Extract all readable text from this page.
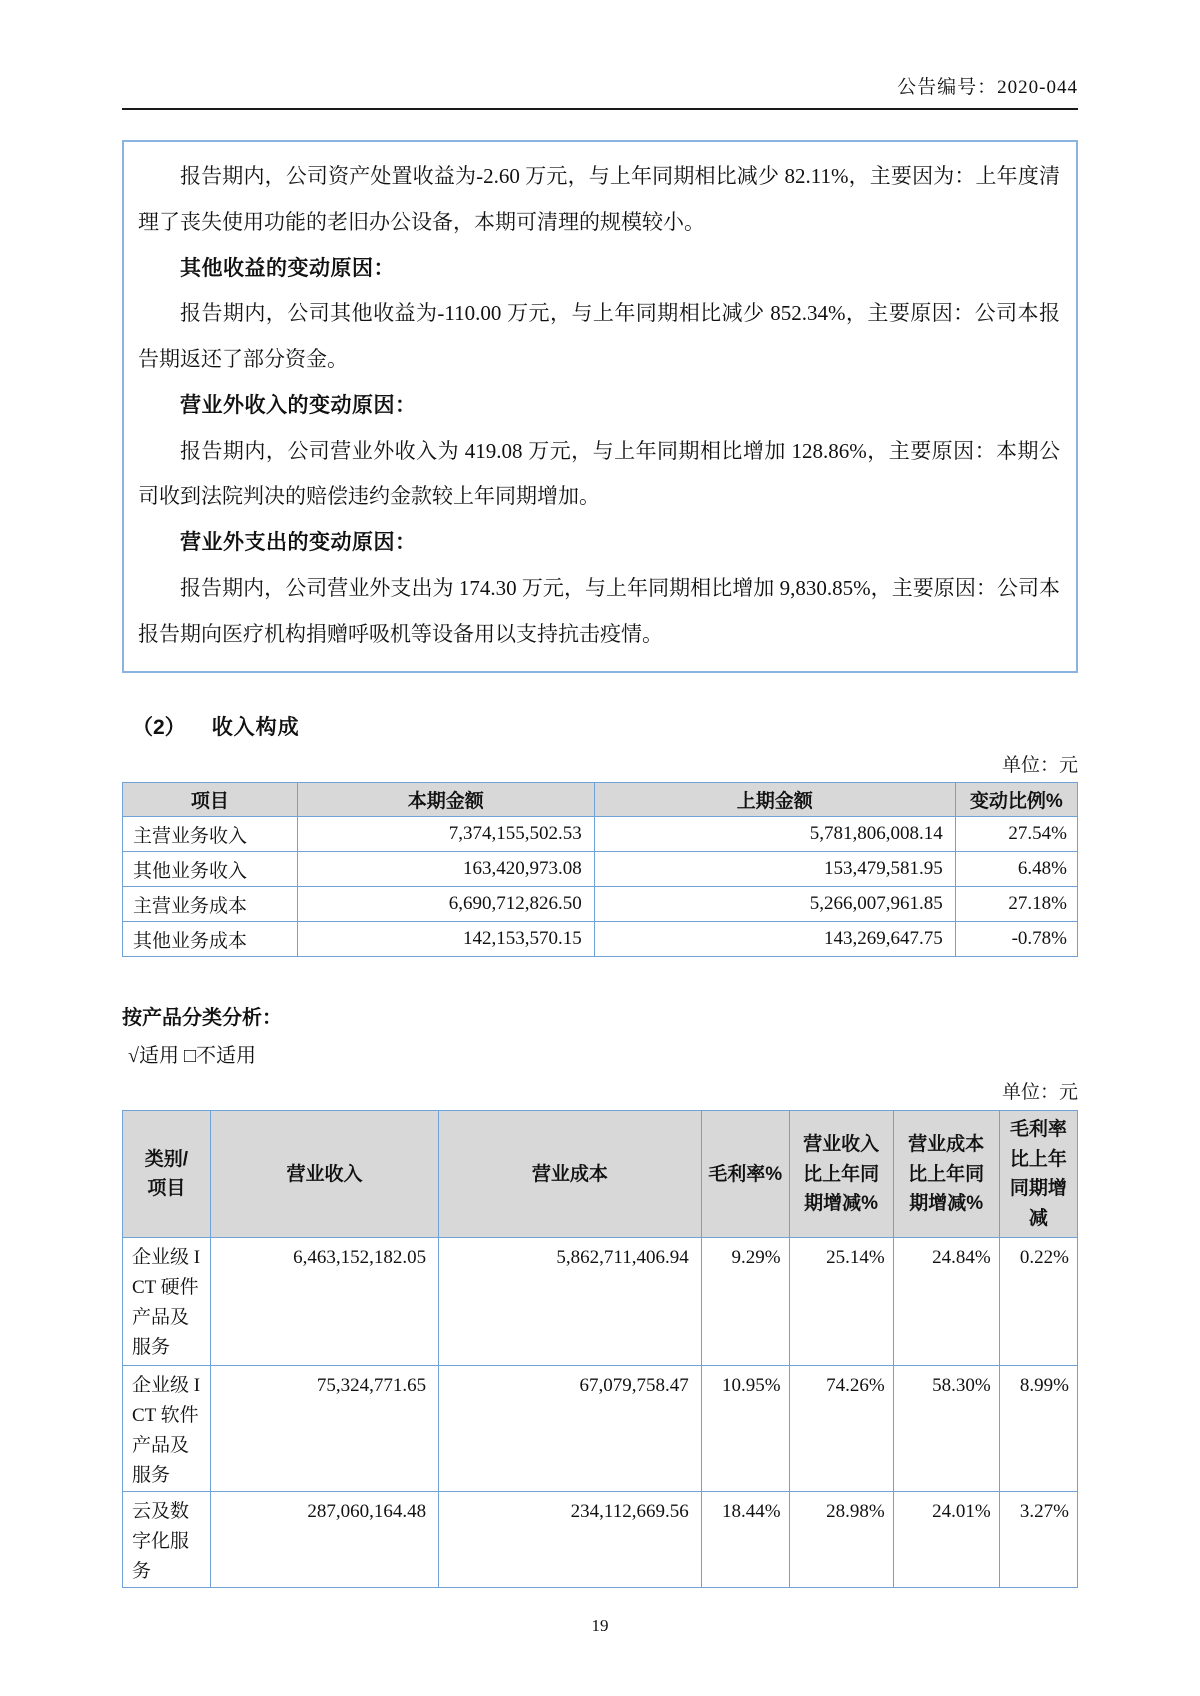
公告编号：2020-044

报告期内，公司资产处置收益为-2.60 万元，与上年同期相比减少 82.11%，主要因为：上年度清理了丧失使用功能的老旧办公设备，本期可清理的规模较小。

其他收益的变动原因：

报告期内，公司其他收益为-110.00 万元，与上年同期相比减少 852.34%，主要原因：公司本报告期返还了部分资金。

营业外收入的变动原因：

报告期内，公司营业外收入为 419.08 万元，与上年同期相比增加 128.86%，主要原因：本期公司收到法院判决的赔偿违约金款较上年同期增加。

营业外支出的变动原因：

报告期内，公司营业外支出为 174.30 万元，与上年同期相比增加 9,830.85%，主要原因：公司本报告期向医疗机构捐赠呼吸机等设备用以支持抗击疫情。

（2） 收入构成
单位：元
项目	本期金额	上期金额	变动比例%
主营业务收入	7,374,155,502.53	5,781,806,008.14	27.54%
其他业务收入	163,420,973.08	153,479,581.95	6.48%
主营业务成本	6,690,712,826.50	5,266,007,961.85	27.18%
其他业务成本	142,153,570.15	143,269,647.75	-0.78%
按产品分类分析：
√适用 □不适用
单位：元
类别/项目	营业收入	营业成本	毛利率%	营业收入比上年同期增减%	营业成本比上年同期增减%	毛利率比上年同期增减
企业级 ICT 硬件产品及服务	6,463,152,182.05	5,862,711,406.94	9.29%	25.14%	24.84%	0.22%
企业级 ICT 软件产品及服务	75,324,771.65	67,079,758.47	10.95%	74.26%	58.30%	8.99%
云及数字化服务	287,060,164.48	234,112,669.56	18.44%	28.98%	24.01%	3.27%
19
